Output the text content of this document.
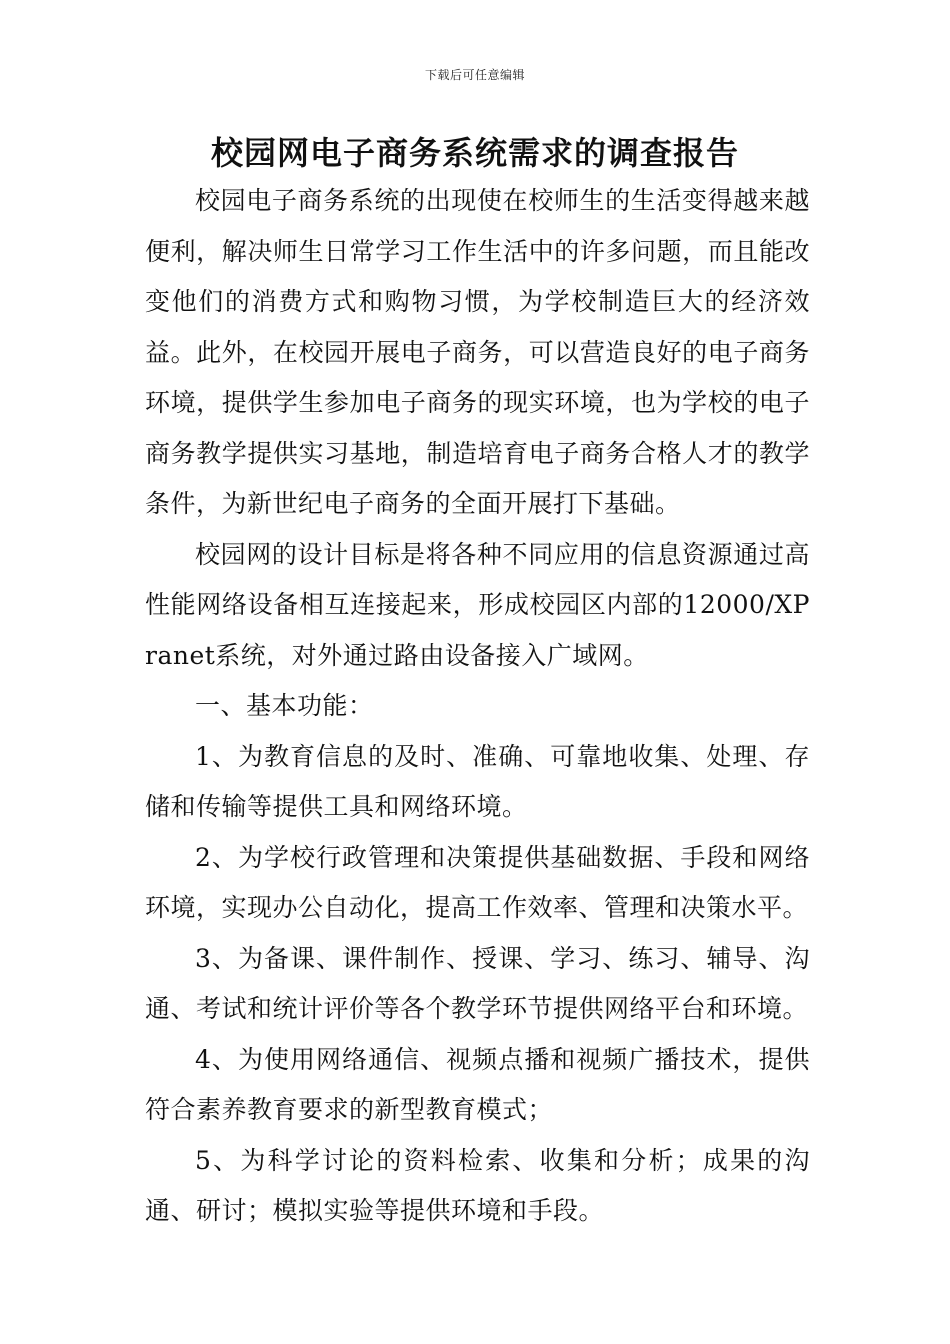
下载后可任意编辑
校园网电子商务系统需求的调查报告

校园电子商务系统的出现使在校师生的生活变得越来越便利，解决师生日常学习工作生活中的许多问题，而且能改变他们的消费方式和购物习惯，为学校制造巨大的经济效益。此外，在校园开展电子商务，可以营造良好的电子商务环境，提供学生参加电子商务的现实环境，也为学校的电子商务教学提供实习基地，制造培育电子商务合格人才的教学条件，为新世纪电子商务的全面开展打下基础。

校园网的设计目标是将各种不同应用的信息资源通过高性能网络设备相互连接起来，形成校园区内部的12000/XPranet系统，对外通过路由设备接入广域网。

一、基本功能：

1、为教育信息的及时、准确、可靠地收集、处理、存储和传输等提供工具和网络环境。

2、为学校行政管理和决策提供基础数据、手段和网络环境，实现办公自动化，提高工作效率、管理和决策水平。

3、为备课、课件制作、授课、学习、练习、辅导、沟通、考试和统计评价等各个教学环节提供网络平台和环境。

4、为使用网络通信、视频点播和视频广播技术，提供符合素养教育要求的新型教育模式；

5、为科学讨论的资料检索、收集和分析；成果的沟通、研讨；模拟实验等提供环境和手段。
